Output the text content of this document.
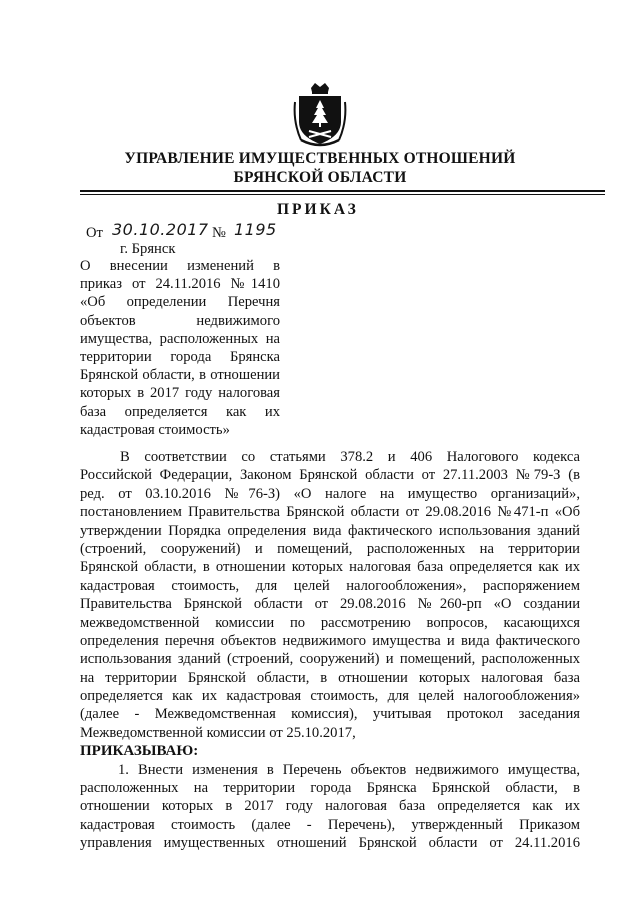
УПРАВЛЕНИЕ ИМУЩЕСТВЕННЫХ ОТНОШЕНИЙ
БРЯНСКОЙ ОБЛАСТИ
ПРИКАЗ
От 30.10.2017 № 1195
г. Брянск
О внесении изменений в
приказ от 24.11.2016 №1410
«Об определении Перечня
объектов недвижимого
имущества, расположенных на
территории города Брянска
Брянской области, в отношении
которых в 2017 году налоговая
база определяется как их
кадастровая стоимость»
В соответствии со статьями 378.2 и 406 Налогового кодекса
Российской Федерации, Законом Брянской области от 27.11.2003 №79-З (в
ред. от 03.10.2016 №76-З) «О налоге на имущество организаций»,
постановлением Правительства Брянской области от 29.08.2016 №471-п «Об
утверждении Порядка определения вида фактического использования зданий
(строений, сооружений) и помещений, расположенных на территории
Брянской области, в отношении которых налоговая база определяется как их
кадастровая стоимость, для целей налогообложения», распоряжением
Правительства Брянской области от 29.08.2016 №260-рп «О создании
межведомственной комиссии по рассмотрению вопросов, касающихся
определения перечня объектов недвижимого имущества и вида фактического
использования зданий (строений, сооружений) и помещений, расположенных
на территории Брянской области, в отношении которых налоговая база
определяется как их кадастровая стоимость, для целей налогообложения»
(далее - Межведомственная комиссия), учитывая протокол заседания
Межведомственной комиссии от 25.10.2017,
ПРИКАЗЫВАЮ:
1. Внести изменения в Перечень объектов недвижимого имущества,
расположенных на территории города Брянска Брянской области, в
отношении которых в 2017 году налоговая база определяется как их
кадастровая стоимость (далее - Перечень), утвержденный Приказом
управления имущественных отношений Брянской области от 24.11.2016
